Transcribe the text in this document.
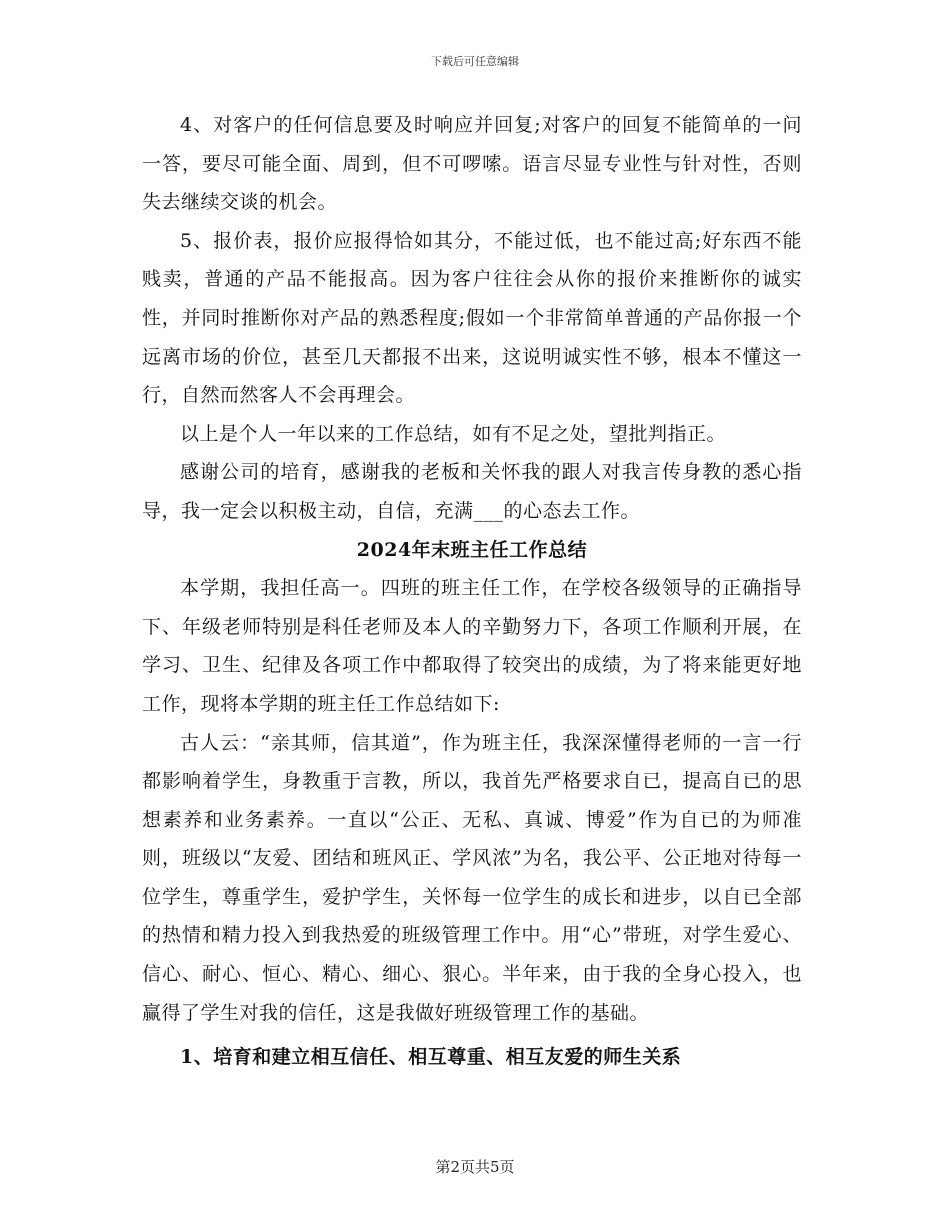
下载后可任意编辑

4、对客户的任何信息要及时响应并回复;对客户的回复不能简单的一问一答，要尽可能全面、周到，但不可啰嗦。语言尽显专业性与针对性，否则失去继续交谈的机会。

5、报价表，报价应报得恰如其分，不能过低，也不能过高;好东西不能贱卖，普通的产品不能报高。因为客户往往会从你的报价来推断你的诚实性，并同时推断你对产品的熟悉程度;假如一个非常简单普通的产品你报一个远离市场的价位，甚至几天都报不出来，这说明诚实性不够，根本不懂这一行，自然而然客人不会再理会。

以上是个人一年以来的工作总结，如有不足之处，望批判指正。

感谢公司的培育，感谢我的老板和关怀我的跟人对我言传身教的悉心指导，我一定会以积极主动，自信，充满___的心态去工作。

2024年末班主任工作总结

本学期，我担任高一。四班的班主任工作，在学校各级领导的正确指导下、年级老师特别是科任老师及本人的辛勤努力下，各项工作顺利开展，在学习、卫生、纪律及各项工作中都取得了较突出的成绩，为了将来能更好地工作，现将本学期的班主任工作总结如下:

古人云：“亲其师，信其道”，作为班主任，我深深懂得老师的一言一行都影响着学生，身教重于言教，所以，我首先严格要求自已，提高自已的思想素养和业务素养。一直以“公正、无私、真诚、博爱”作为自已的为师准则，班级以“友爱、团结和班风正、学风浓”为名，我公平、公正地对待每一位学生，尊重学生，爱护学生，关怀每一位学生的成长和进步，以自已全部的热情和精力投入到我热爱的班级管理工作中。用“心”带班，对学生爱心、信心、耐心、恒心、精心、细心、狠心。半年来，由于我的全身心投入，也赢得了学生对我的信任，这是我做好班级管理工作的基础。

1、培育和建立相互信任、相互尊重、相互友爱的师生关系

第2页共5页
